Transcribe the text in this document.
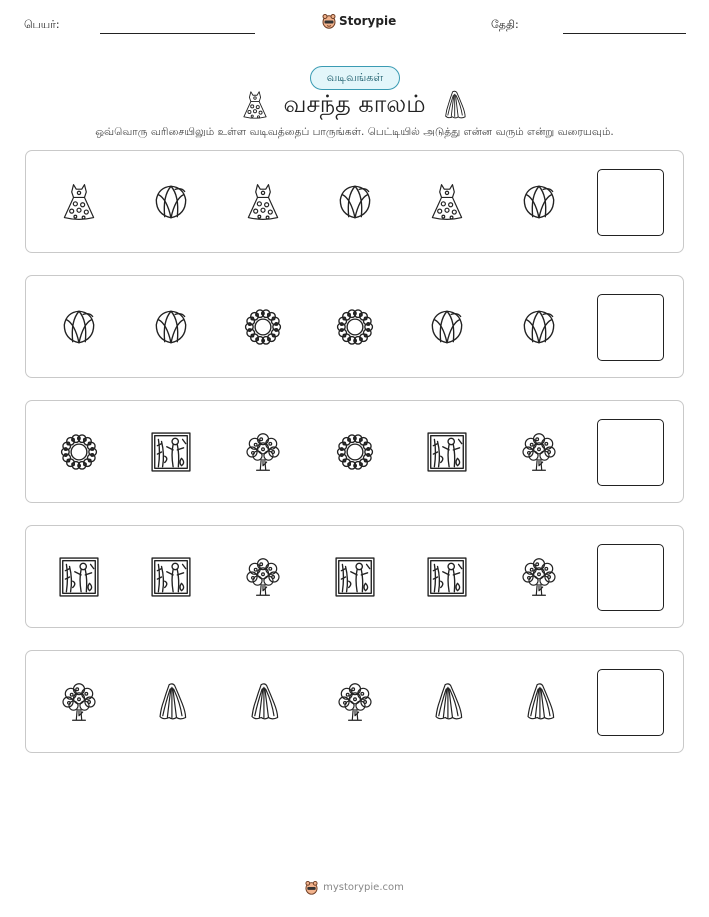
பெயர்:	Storypie	தேதி:
வடிவங்கள்
வசந்த காலம்
ஒவ்வொரு வரிசையிலும் உள்ள வடிவத்தைப் பாருங்கள். பெட்டியில் அடுத்து என்ன வரும் என்று வரையவும்.
mystorypie.com
